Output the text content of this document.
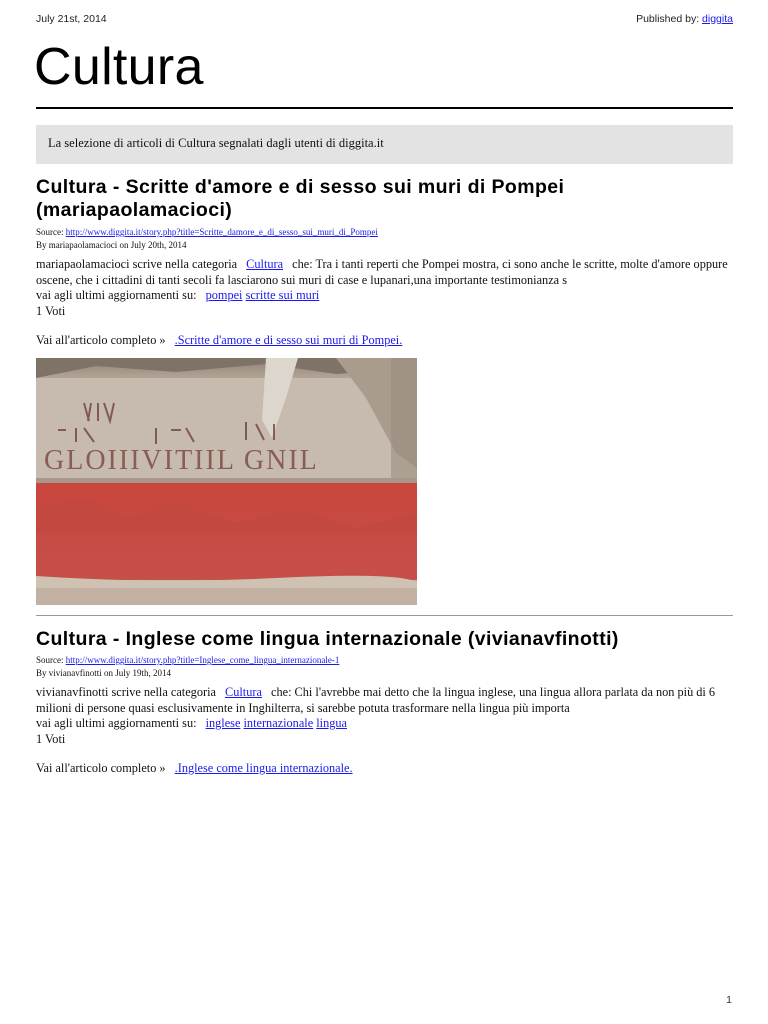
July 21st, 2014	Published by: diggita
Cultura
La selezione di articoli di Cultura segnalati dagli utenti di diggita.it
Cultura - Scritte d'amore e di sesso sui muri di Pompei (mariapaolamacioci)
Source: http://www.diggita.it/story.php?title=Scritte_damore_e_di_sesso_sui_muri_di_Pompei
By mariapaolamacioci on July 20th, 2014
mariapaolamacioci scrive nella categoria Cultura che: Tra i tanti reperti che Pompei mostra, ci sono anche le scritte, molte d'amore oppure oscene, che i cittadini di tanti secoli fa lasciarono sui muri di case e lupanari,una importante testimonianza s
vai agli ultimi aggiornamenti su: pompei scritte sui muri
1 Voti
Vai all'articolo completo » .Scritte d'amore e di sesso sui muri di Pompei.
GLOIIIVITIIL GNIL
Cultura - Inglese come lingua internazionale (vivianavfinotti)
Source: http://www.diggita.it/story.php?title=Inglese_come_lingua_internazionale-1
By vivianavfinotti on July 19th, 2014
vivianavfinotti scrive nella categoria Cultura che: Chi l'avrebbe mai detto che la lingua inglese, una lingua allora parlata da non più di 6 milioni di persone quasi esclusivamente in Inghilterra, si sarebbe potuta trasformare nella lingua più importa
vai agli ultimi aggiornamenti su: inglese internazionale lingua
1 Voti
Vai all'articolo completo » .Inglese come lingua internazionale.
1
